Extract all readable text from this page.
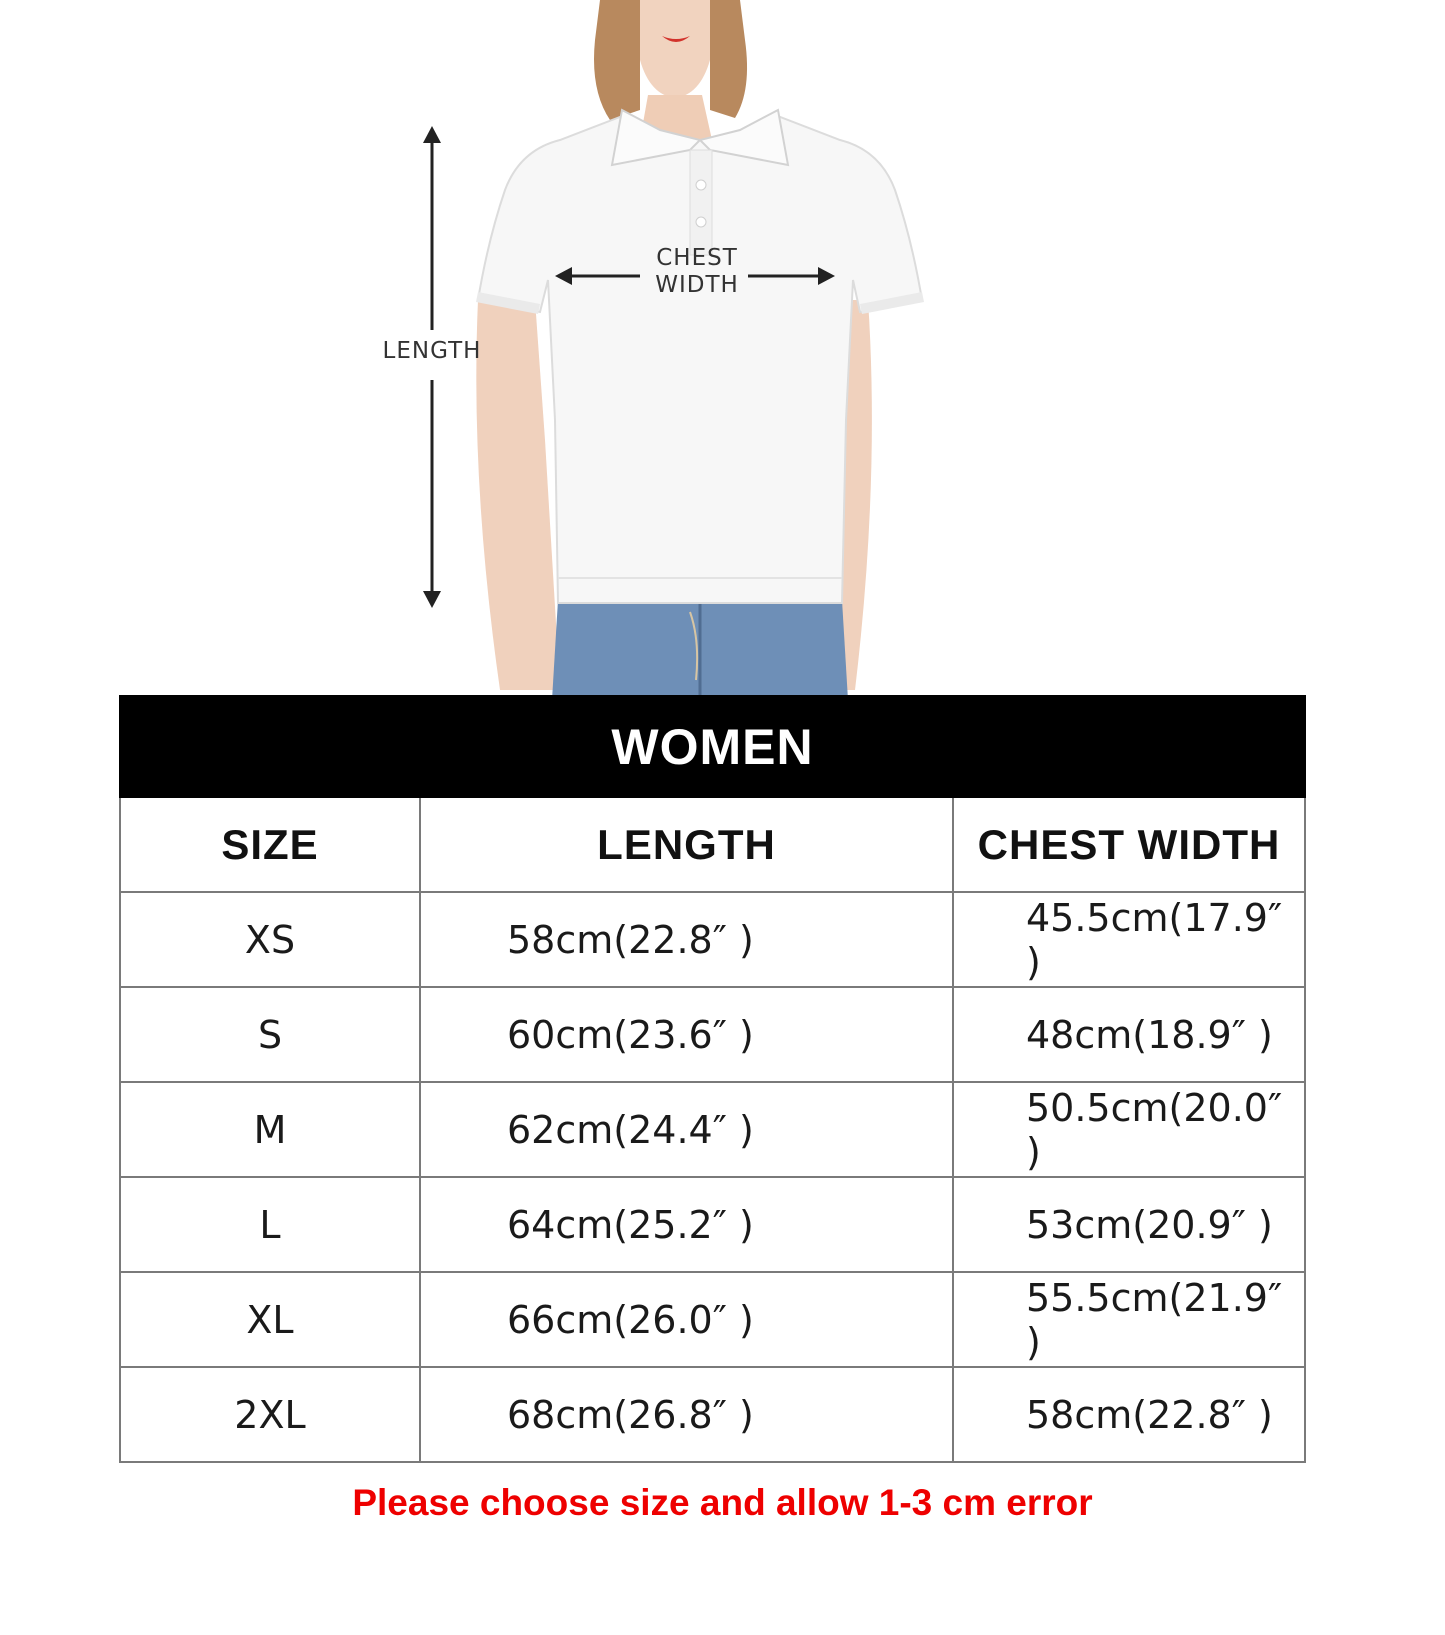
LENGTH
CHEST
WIDTH
WOMEN		
SIZE	LENGTH	CHEST WIDTH
XS	58cm(22.8″ )	45.5cm(17.9″ )
S	60cm(23.6″ )	48cm(18.9″ )
M	62cm(24.4″ )	50.5cm(20.0″ )
L	64cm(25.2″ )	53cm(20.9″ )
XL	66cm(26.0″ )	55.5cm(21.9″ )
2XL	68cm(26.8″ )	58cm(22.8″ )
Please choose size and allow 1-3 cm error
